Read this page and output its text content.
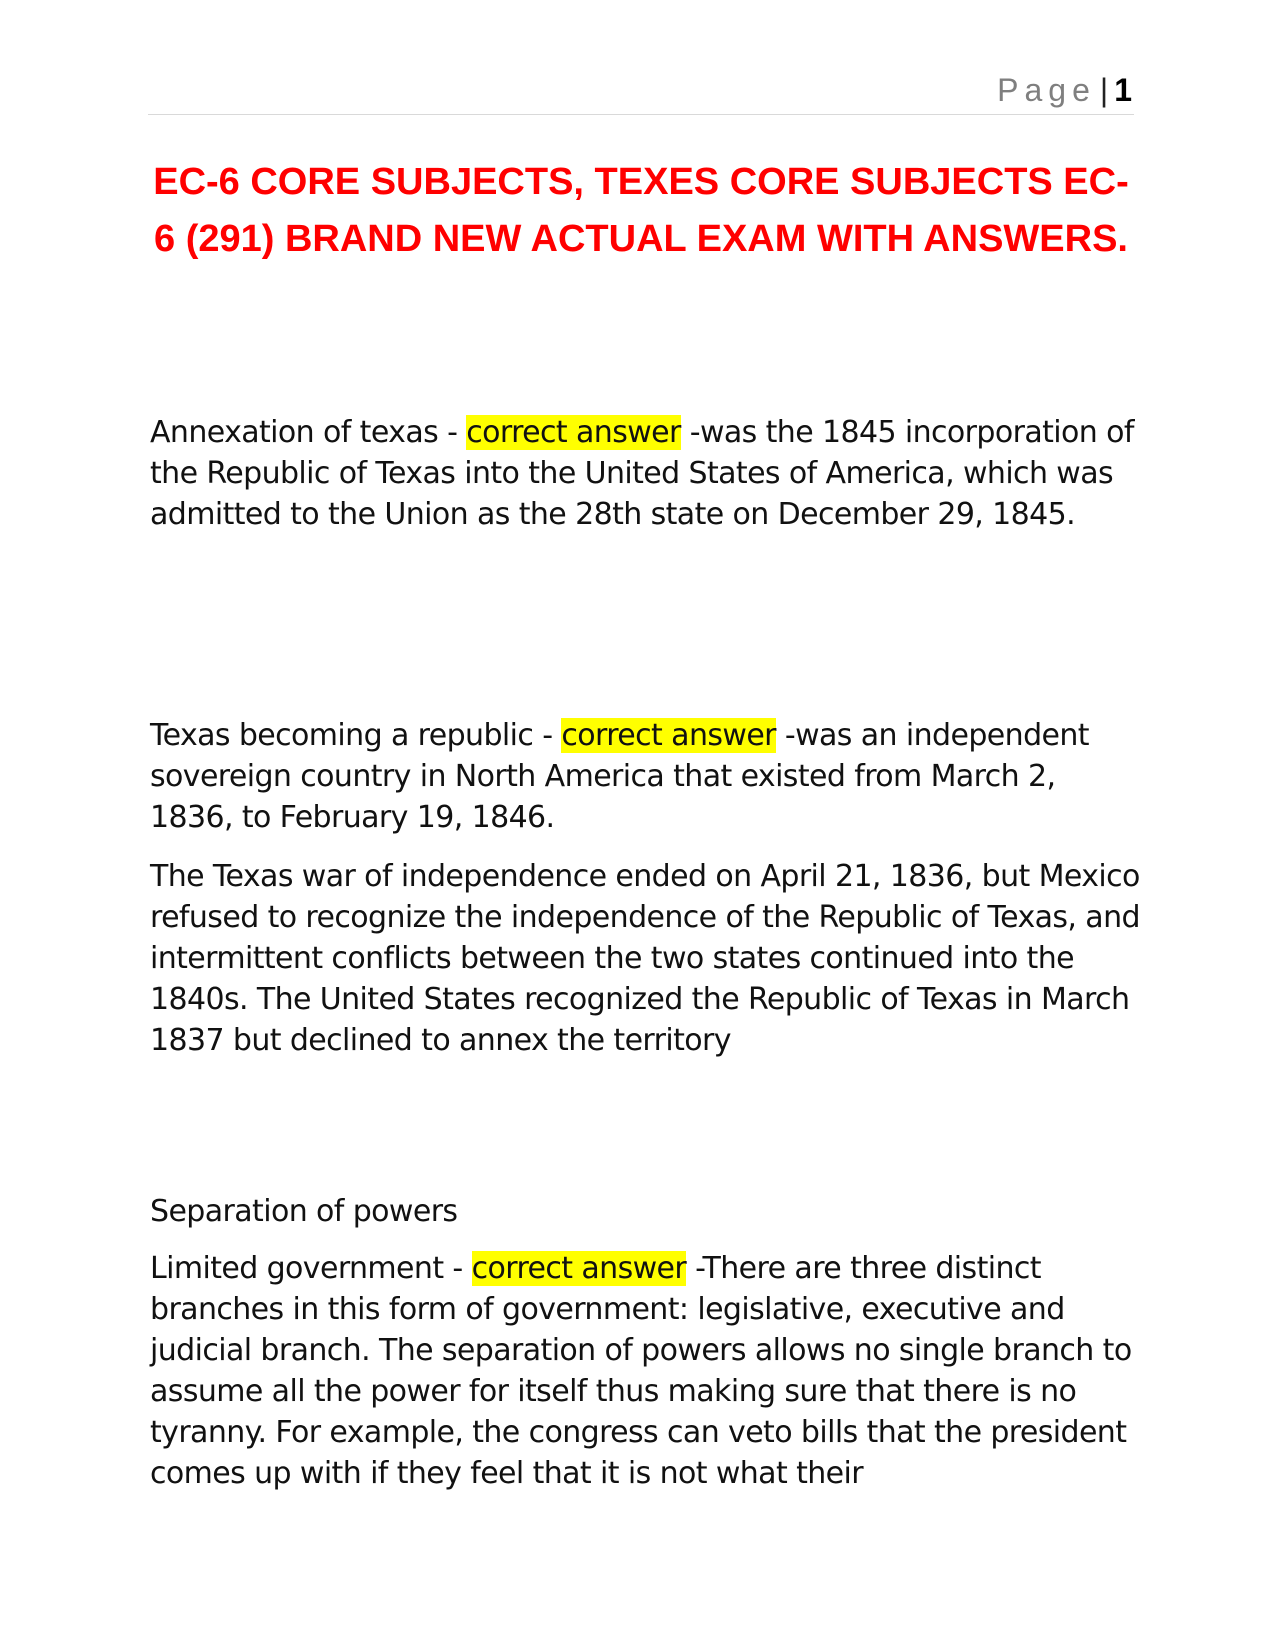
Page | 1
EC-6 CORE SUBJECTS, TEXES CORE SUBJECTS EC-6 (291) BRAND NEW ACTUAL EXAM WITH ANSWERS.

Annexation of texas - correct answer -was the 1845 incorporation of the Republic of Texas into the United States of America, which was admitted to the Union as the 28th state on December 29, 1845.

Texas becoming a republic - correct answer -was an independent sovereign country in North America that existed from March 2, 1836, to February 19, 1846.

The Texas war of independence ended on April 21, 1836, but Mexico refused to recognize the independence of the Republic of Texas, and intermittent conflicts between the two states continued into the 1840s. The United States recognized the Republic of Texas in March 1837 but declined to annex the territory

Separation of powers

Limited government - correct answer -There are three distinct branches in this form of government: legislative, executive and judicial branch. The separation of powers allows no single branch to assume all the power for itself thus making sure that there is no tyranny. For example, the congress can veto bills that the president comes up with if they feel that it is not what their
